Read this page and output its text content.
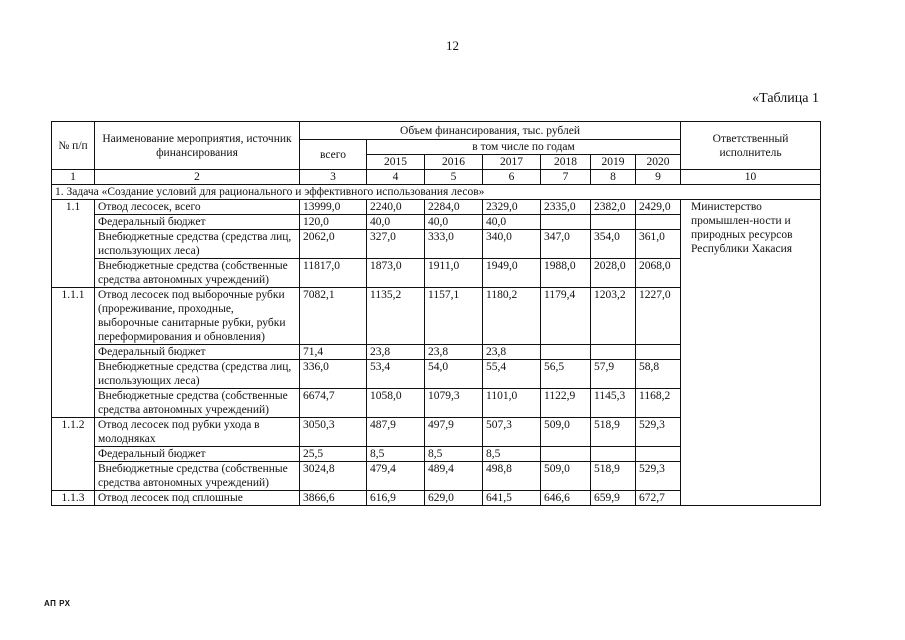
12
«Таблица 1
№ п/п	Наименование мероприятия, источник финансирования	Объем финансирования, тыс. рублей							Ответственный исполнитель
		всего	в том числе по годам						
			2015	2016	2017	2018	2019	2020	
1	2	3	4	5	6	7	8	9	10
1. Задача «Создание условий для рационального и эффективного использования лесов»									
1.1	Отвод лесосек, всего	13999,0	2240,0	2284,0	2329,0	2335,0	2382,0	2429,0	Министерство промышлен-ности и природных ресурсов Республики Хакасия
	Федеральный бюджет	120,0	40,0	40,0	40,0				
	Внебюджетные средства (средства лиц, использующих леса)	2062,0	327,0	333,0	340,0	347,0	354,0	361,0	
	Внебюджетные средства (собственные средства автономных учреждений)	11817,0	1873,0	1911,0	1949,0	1988,0	2028,0	2068,0	
1.1.1	Отвод лесосек под выборочные рубки (прореживание, проходные, выборочные санитарные рубки, рубки переформирования и обновления)	7082,1	1135,2	1157,1	1180,2	1179,4	1203,2	1227,0	
	Федеральный бюджет	71,4	23,8	23,8	23,8				
	Внебюджетные средства (средства лиц, использующих леса)	336,0	53,4	54,0	55,4	56,5	57,9	58,8	
	Внебюджетные средства (собственные средства автономных учреждений)	6674,7	1058,0	1079,3	1101,0	1122,9	1145,3	1168,2	
1.1.2	Отвод лесосек под рубки ухода в молодняках	3050,3	487,9	497,9	507,3	509,0	518,9	529,3	
	Федеральный бюджет	25,5	8,5	8,5	8,5				
	Внебюджетные средства (собственные средства автономных учреждений)	3024,8	479,4	489,4	498,8	509,0	518,9	529,3	
1.1.3	Отвод лесосек под сплошные	3866,6	616,9	629,0	641,5	646,6	659,9	672,7	
АП РХ
